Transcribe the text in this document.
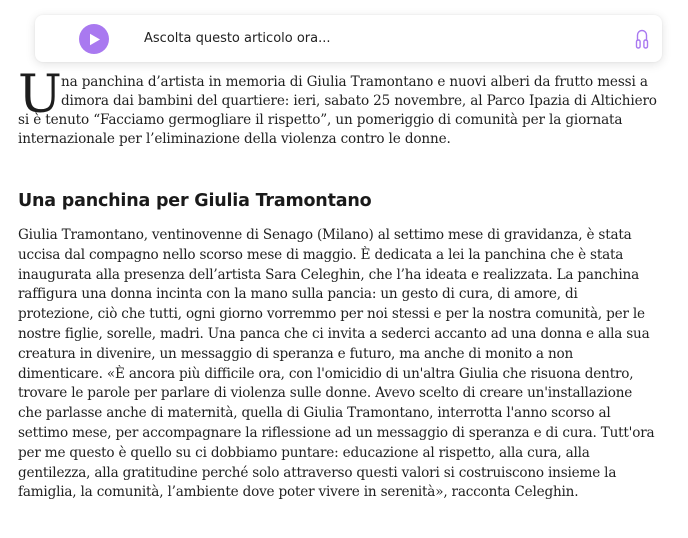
Ascolta questo articolo ora...
U na panchina d’artista in memoria di Giulia Tramontano e nuovi alberi da frutto messi a
dimora dai bambini del quartiere: ieri, sabato 25 novembre, al Parco Ipazia di Altichiero
si è tenuto “Facciamo germogliare il rispetto”, un pomeriggio di comunità per la giornata
internazionale per l’eliminazione della violenza contro le donne.
Una panchina per Giulia Tramontano
Giulia Tramontano, ventinovenne di Senago (Milano) al settimo mese di gravidanza, è stata
uccisa dal compagno nello scorso mese di maggio. È dedicata a lei la panchina che è stata
inaugurata alla presenza dell’artista Sara Celeghin, che l’ha ideata e realizzata. La panchina
raffigura una donna incinta con la mano sulla pancia: un gesto di cura, di amore, di
protezione, ciò che tutti, ogni giorno vorremmo per noi stessi e per la nostra comunità, per le
nostre figlie, sorelle, madri. Una panca che ci invita a sederci accanto ad una donna e alla sua
creatura in divenire, un messaggio di speranza e futuro, ma anche di monito a non
dimenticare. «È ancora più difficile ora, con l'omicidio di un'altra Giulia che risuona dentro,
trovare le parole per parlare di violenza sulle donne. Avevo scelto di creare un'installazione
che parlasse anche di maternità, quella di Giulia Tramontano, interrotta l'anno scorso al
settimo mese, per accompagnare la riflessione ad un messaggio di speranza e di cura. Tutt'ora
per me questo è quello su ci dobbiamo puntare: educazione al rispetto, alla cura, alla
gentilezza, alla gratitudine perché solo attraverso questi valori si costruiscono insieme la
famiglia, la comunità, l’ambiente dove poter vivere in serenità», racconta Celeghin.
